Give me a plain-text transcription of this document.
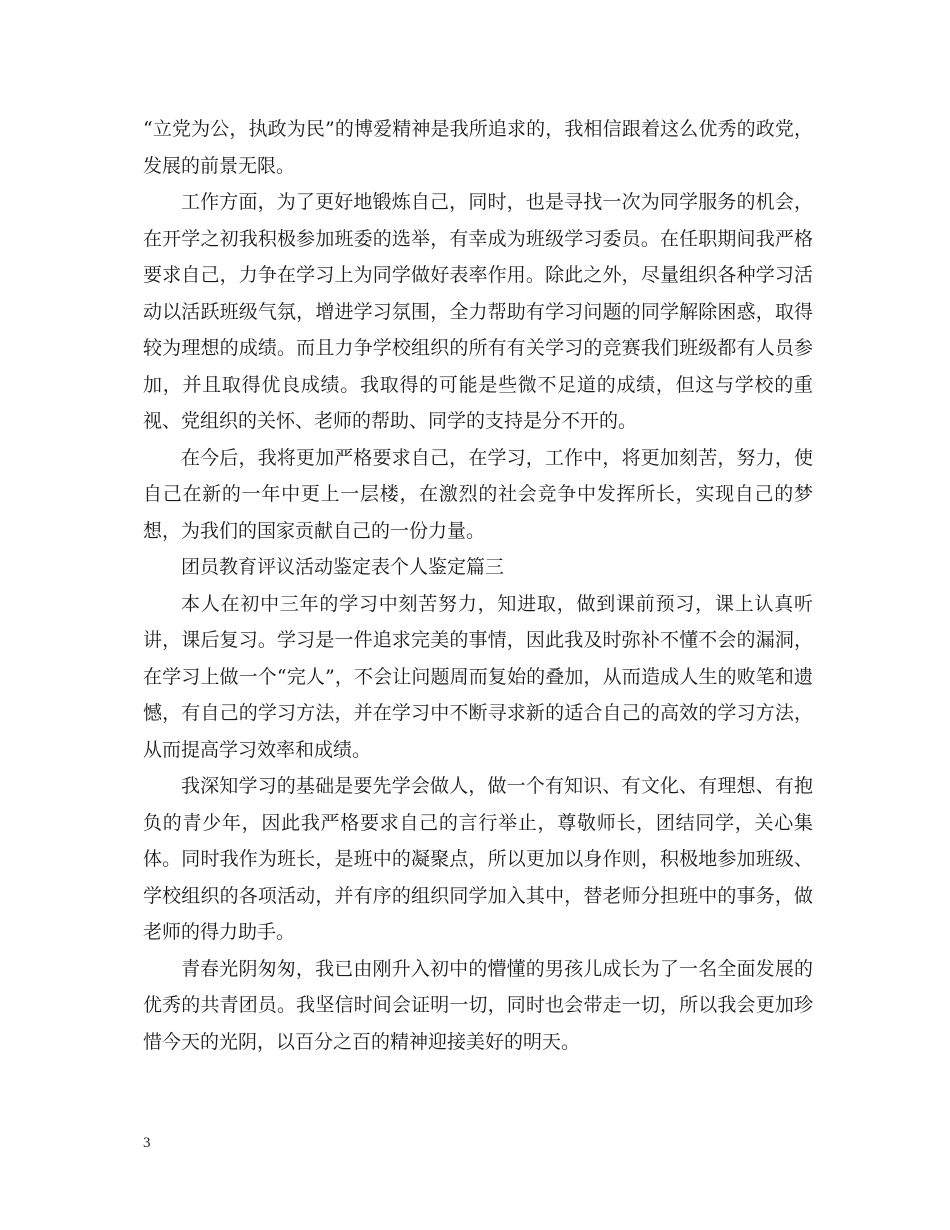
“立党为公，执政为民”的博爱精神是我所追求的，我相信跟着这么优秀的政党，发展的前景无限。

工作方面，为了更好地锻炼自己，同时，也是寻找一次为同学服务的机会，在开学之初我积极参加班委的选举，有幸成为班级学习委员。在任职期间我严格要求自己，力争在学习上为同学做好表率作用。除此之外，尽量组织各种学习活动以活跃班级气氛，增进学习氛围，全力帮助有学习问题的同学解除困惑，取得较为理想的成绩。而且力争学校组织的所有有关学习的竞赛我们班级都有人员参加，并且取得优良成绩。我取得的可能是些微不足道的成绩，但这与学校的重视、党组织的关怀、老师的帮助、同学的支持是分不开的。

在今后，我将更加严格要求自己，在学习，工作中，将更加刻苦，努力，使自己在新的一年中更上一层楼，在激烈的社会竞争中发挥所长，实现自己的梦想，为我们的国家贡献自己的一份力量。

团员教育评议活动鉴定表个人鉴定篇三

本人在初中三年的学习中刻苦努力，知进取，做到课前预习，课上认真听讲，课后复习。学习是一件追求完美的事情，因此我及时弥补不懂不会的漏洞，在学习上做一个“完人”，不会让问题周而复始的叠加，从而造成人生的败笔和遗憾，有自己的学习方法，并在学习中不断寻求新的适合自己的高效的学习方法，从而提高学习效率和成绩。

我深知学习的基础是要先学会做人，做一个有知识、有文化、有理想、有抱负的青少年，因此我严格要求自己的言行举止，尊敬师长，团结同学，关心集体。同时我作为班长，是班中的凝聚点，所以更加以身作则，积极地参加班级、学校组织的各项活动，并有序的组织同学加入其中，替老师分担班中的事务，做老师的得力助手。

青春光阴匆匆，我已由刚升入初中的懵懂的男孩儿成长为了一名全面发展的优秀的共青团员。我坚信时间会证明一切，同时也会带走一切，所以我会更加珍惜今天的光阴，以百分之百的精神迎接美好的明天。

3
